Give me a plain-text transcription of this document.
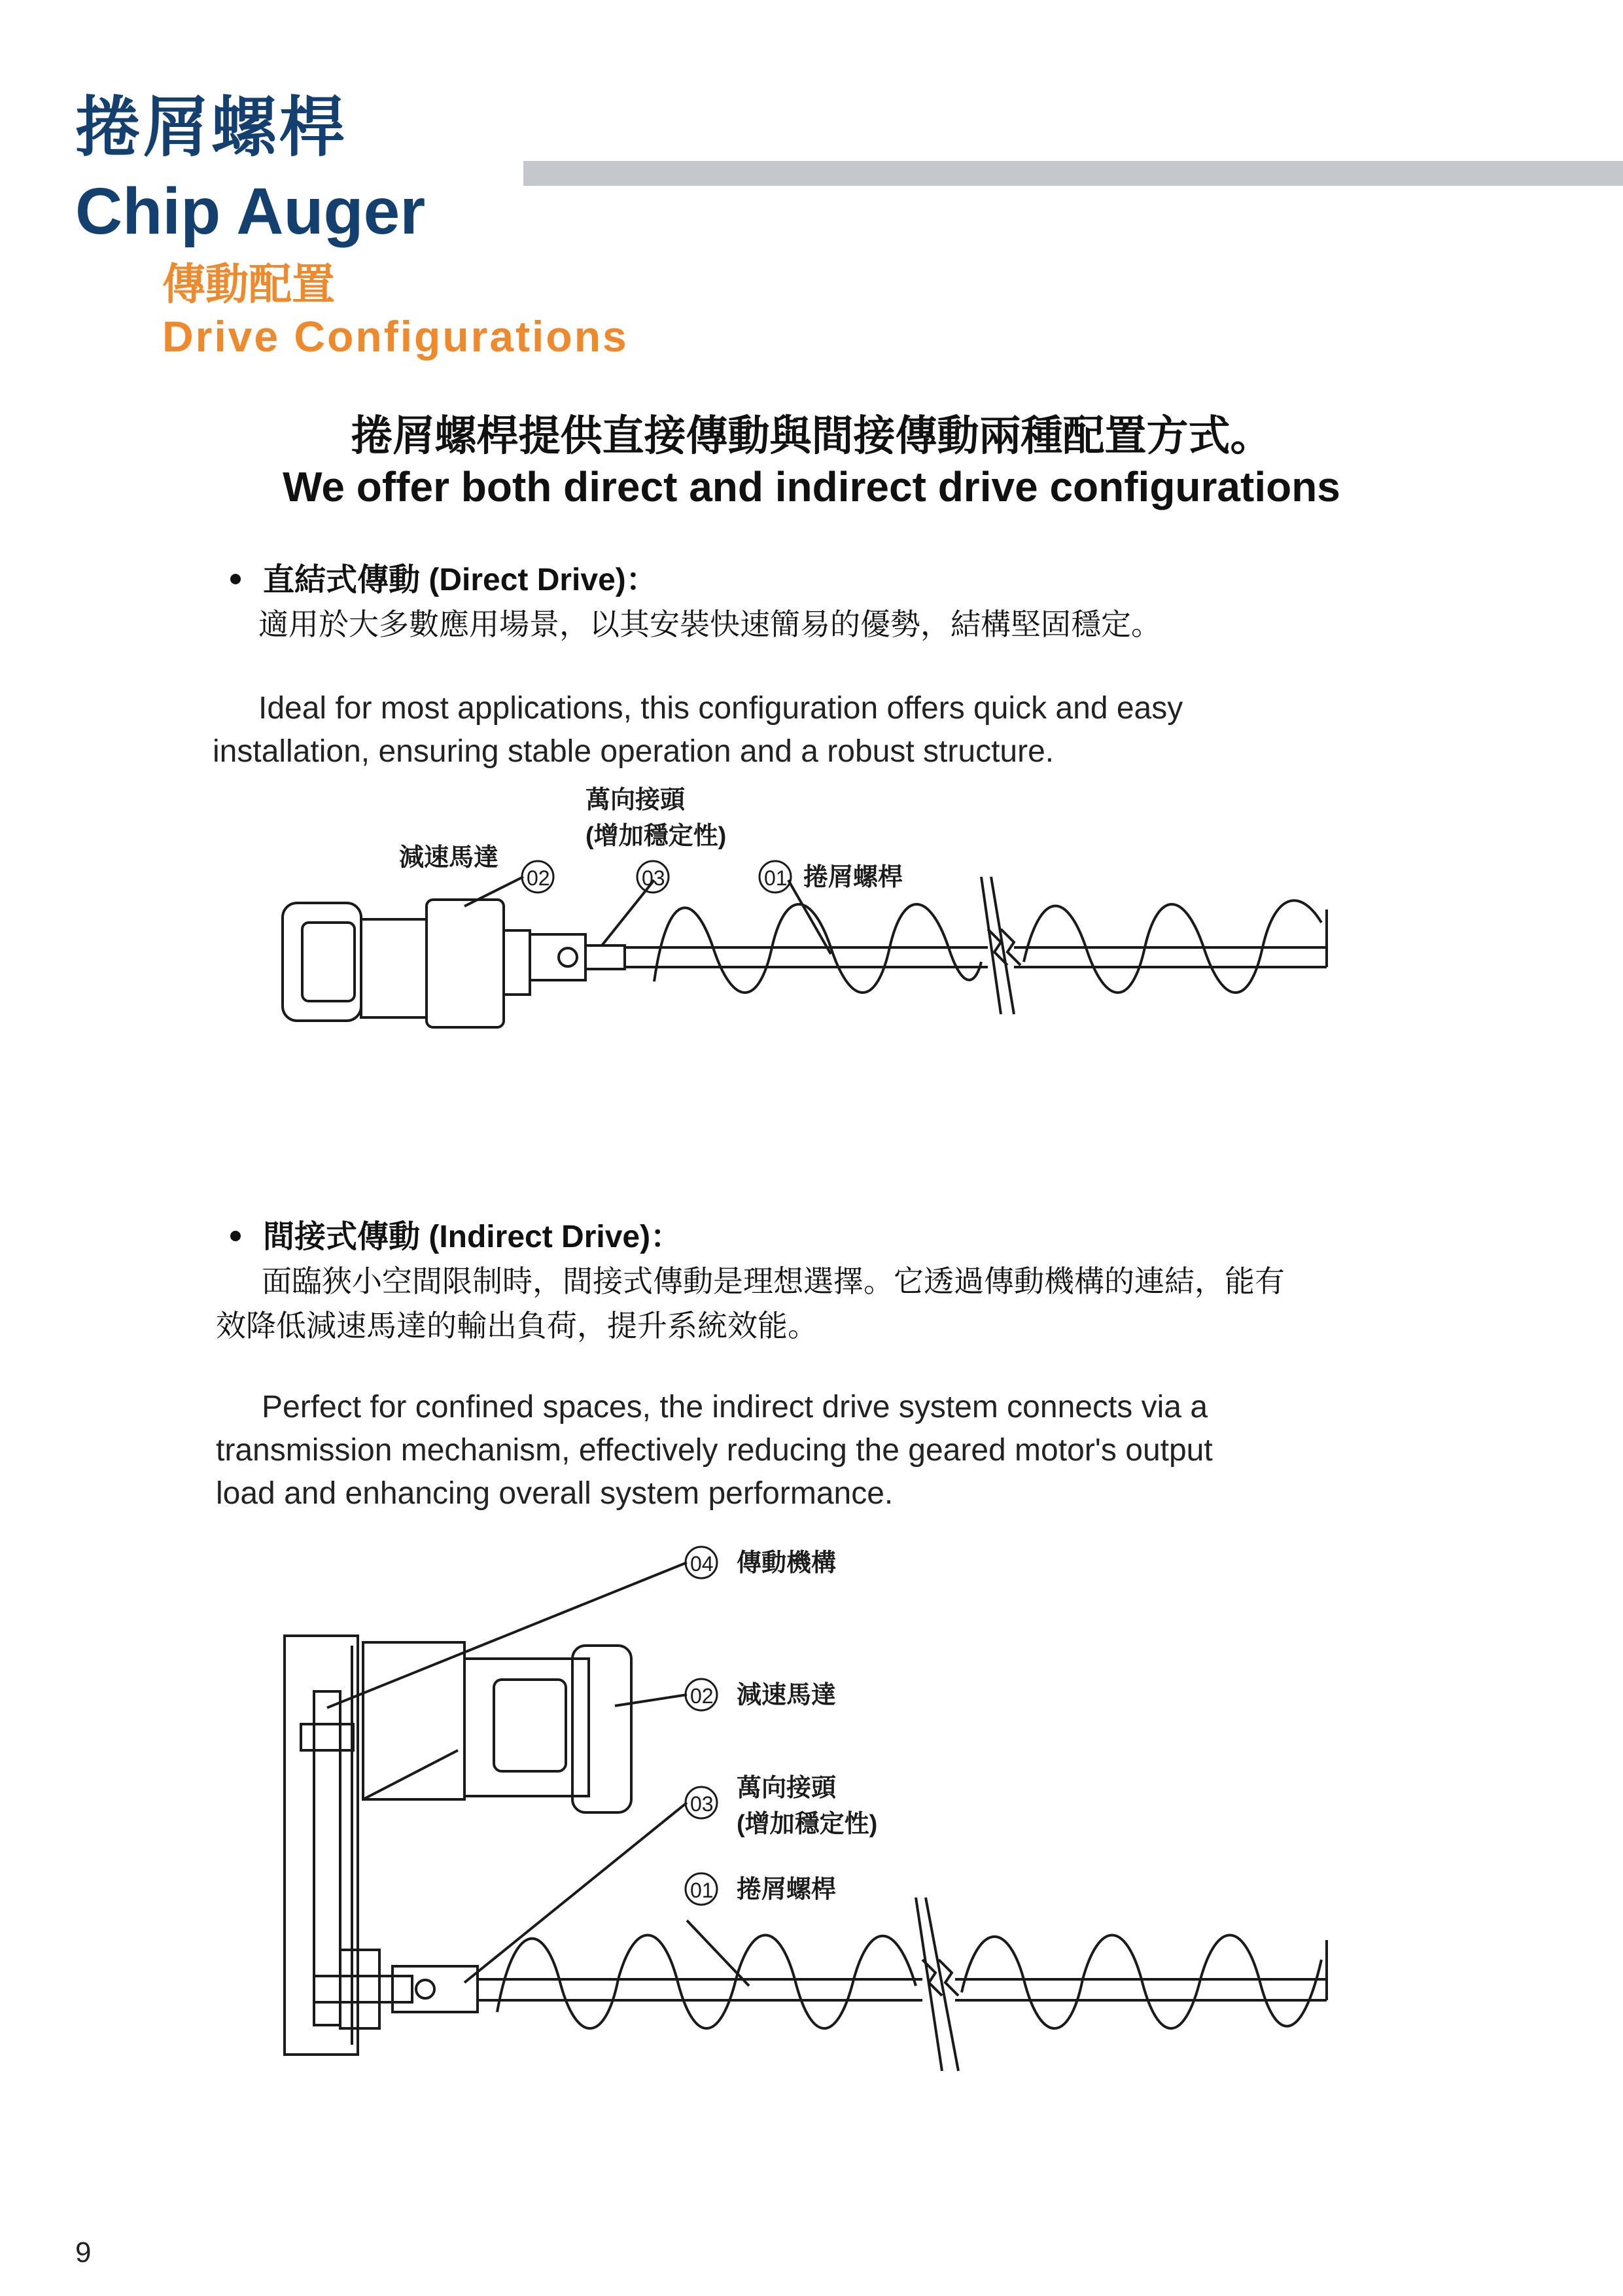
捲屑螺桿
Chip Auger
傳動配置
Drive Configurations
捲屑螺桿提供直接傳動與間接傳動兩種配置方式。
We offer both direct and indirect drive configurations
直結式傳動 (Direct Drive)：
適用於大多數應用場景，以其安裝快速簡易的優勢，結構堅固穩定。
Ideal for most applications, this configuration offers quick and easy
installation, ensuring stable operation and a robust structure.
減速馬達
02
萬向接頭
(增加穩定性)
03	01 捲屑螺桿
間接式傳動 (Indirect Drive)：
面臨狹小空間限制時，間接式傳動是理想選擇。它透過傳動機構的連結，能有
效降低減速馬達的輸出負荷，提升系統效能。
Perfect for confined spaces, the indirect drive system connects via a
transmission mechanism, effectively reducing the geared motor's output
load and enhancing overall system performance.
04 傳動機構
02 減速馬達
03
萬向接頭
(增加穩定性)
01 捲屑螺桿
9
